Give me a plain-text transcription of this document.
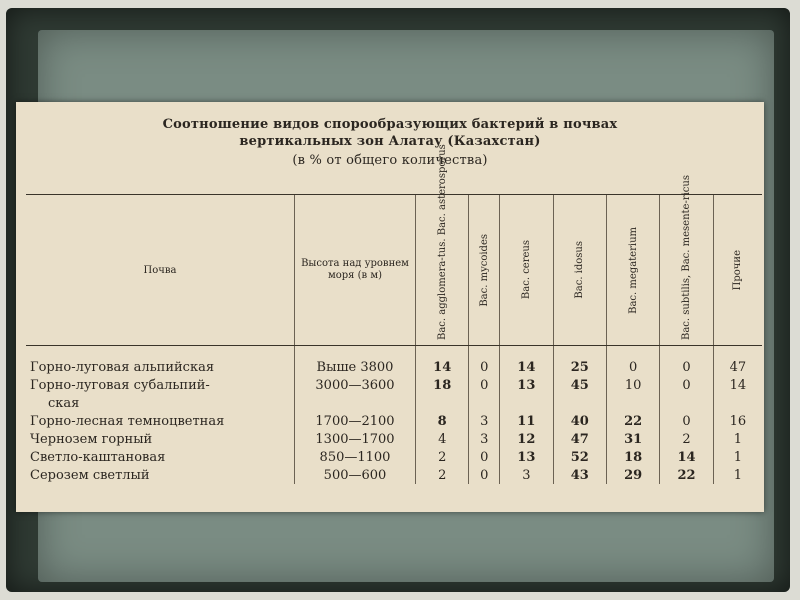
Соотношение видов спорообразующих бактерий в почвах
вертикальных зон Алатау (Казахстан)
(в % от общего количества)
Почва	Высота над уровнем моря (в м)	Bac. agglomera-tus. Bac. asterosporus	Bac. mycoides	Bac. cereus	Bac. idosus	Bac. megaterium	Bac. subtilis, Bac. mesente-ricus	Прочие

Горно-луговая альпийская	Выше 3800	14	0	14	25	0	0	47
Горно-луговая субальпий-	3000—3600	18	0	13	45	10	0	14
ская								
Горно-лесная темноцветная	1700—2100	8	3	11	40	22	0	16
Чернозем горный	1300—1700	4	3	12	47	31	2	1
Светло-каштановая	850—1100	2	0	13	52	18	14	1
Серозем светлый	500—600	2	0	3	43	29	22	1
